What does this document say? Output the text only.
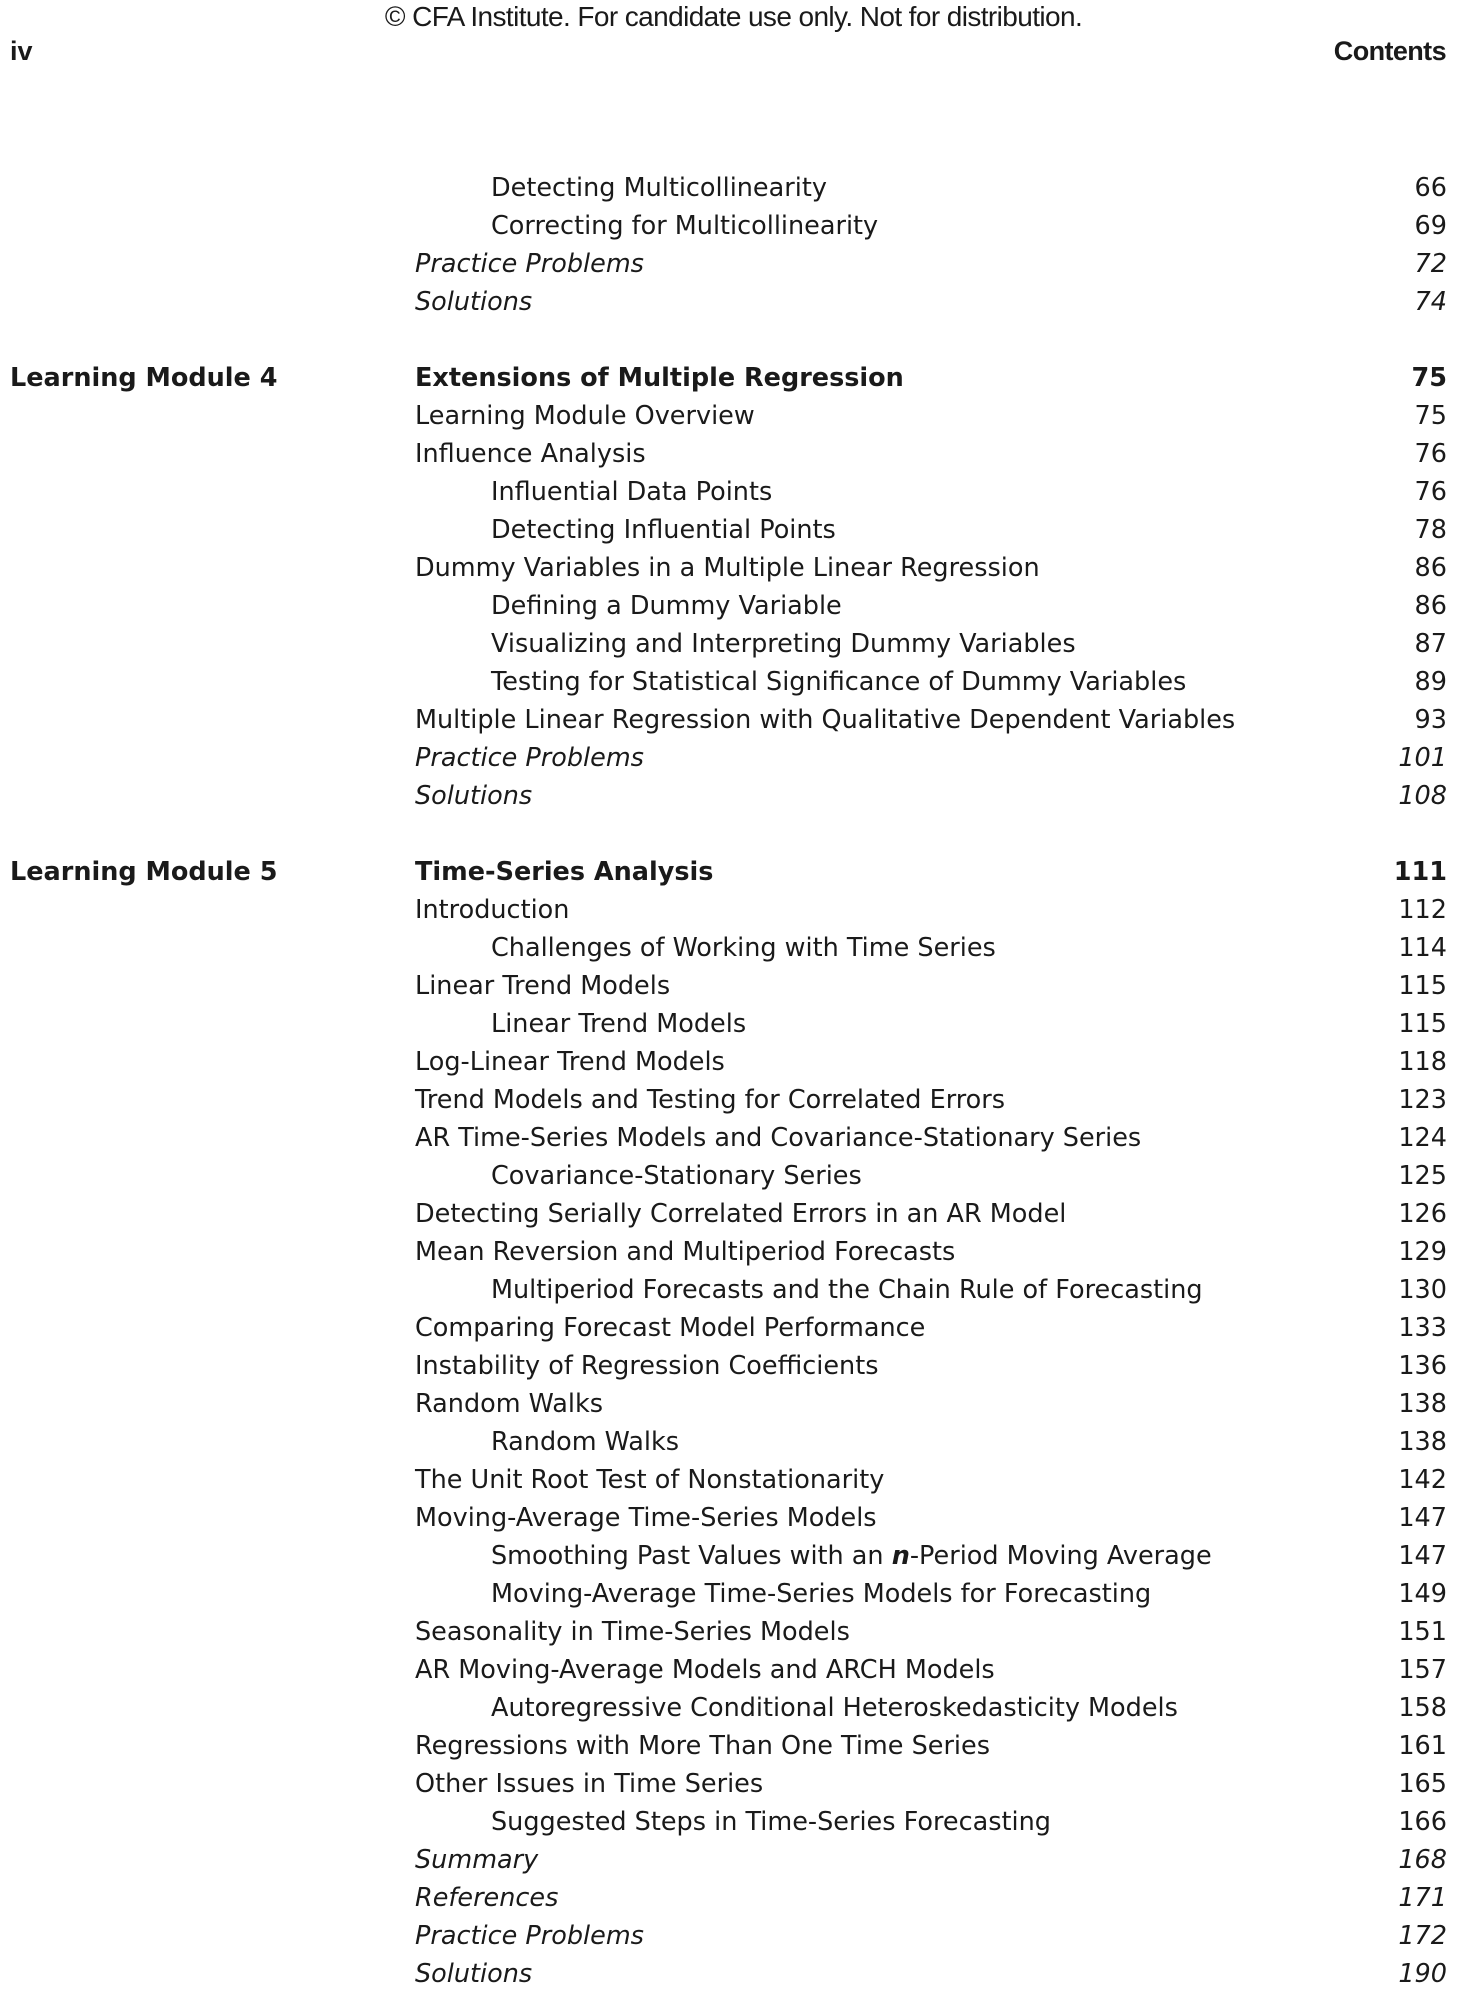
© CFA Institute. For candidate use only. Not for distribution.
iv	Contents
Detecting Multicollinearity	66
Correcting for Multicollinearity	69
Practice Problems	72
Solutions	74
Learning Module 4	Extensions of Multiple Regression	75
Learning Module Overview	75
Influence Analysis	76
Influential Data Points	76
Detecting Influential Points	78
Dummy Variables in a Multiple Linear Regression	86
Defining a Dummy Variable	86
Visualizing and Interpreting Dummy Variables	87
Testing for Statistical Significance of Dummy Variables	89
Multiple Linear Regression with Qualitative Dependent Variables	93
Practice Problems	101
Solutions	108
Learning Module 5	Time-Series Analysis	111
Introduction	112
Challenges of Working with Time Series	114
Linear Trend Models	115
Linear Trend Models	115
Log-Linear Trend Models	118
Trend Models and Testing for Correlated Errors	123
AR Time-Series Models and Covariance-Stationary Series	124
Covariance-Stationary Series	125
Detecting Serially Correlated Errors in an AR Model	126
Mean Reversion and Multiperiod Forecasts	129
Multiperiod Forecasts and the Chain Rule of Forecasting	130
Comparing Forecast Model Performance	133
Instability of Regression Coefficients	136
Random Walks	138
Random Walks	138
The Unit Root Test of Nonstationarity	142
Moving-Average Time-Series Models	147
Smoothing Past Values with an n-Period Moving Average	147
Moving-Average Time-Series Models for Forecasting	149
Seasonality in Time-Series Models	151
AR Moving-Average Models and ARCH Models	157
Autoregressive Conditional Heteroskedasticity Models	158
Regressions with More Than One Time Series	161
Other Issues in Time Series	165
Suggested Steps in Time-Series Forecasting	166
Summary	168
References	171
Practice Problems	172
Solutions	190
